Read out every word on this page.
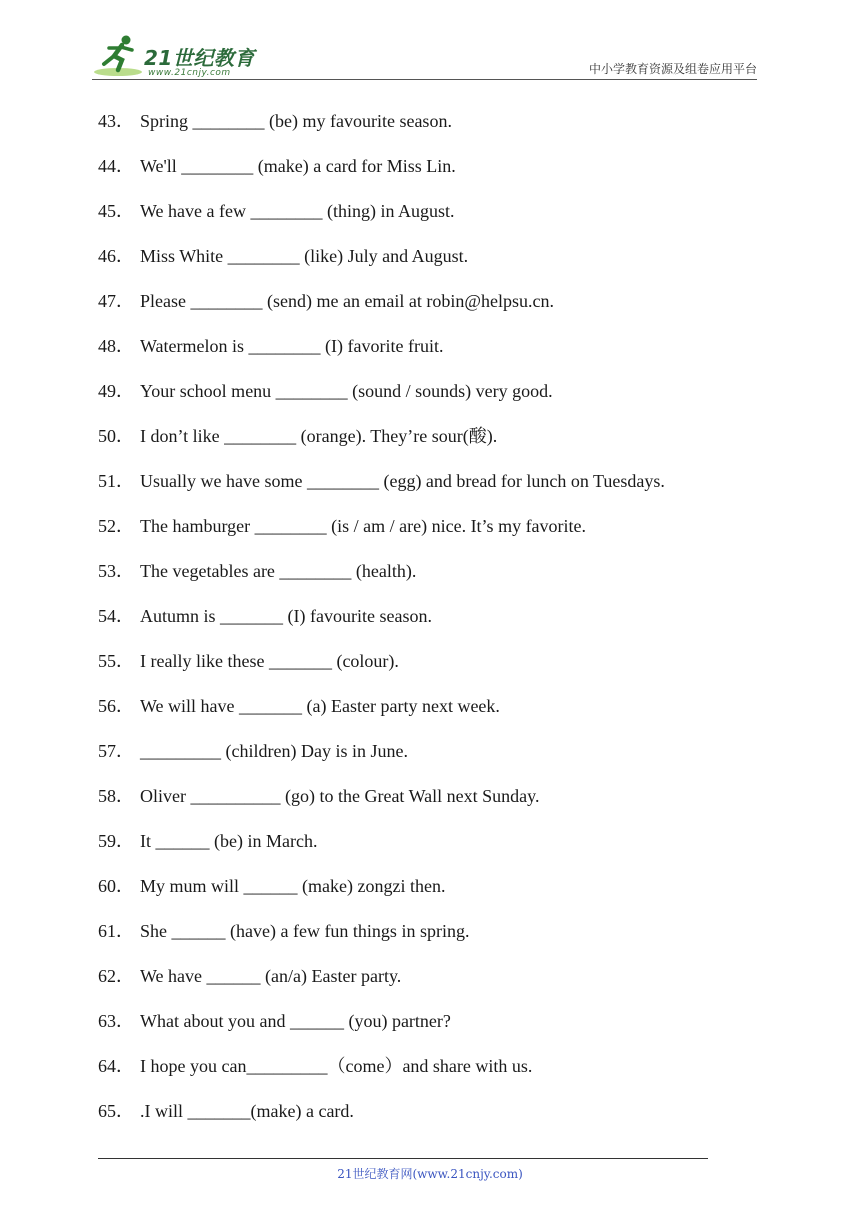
21世纪教育
www.21cnjy.com	中小学教育资源及组卷应用平台
43． Spring ________ (be) my favourite season.
44． We'll ________ (make) a card for Miss Lin.
45． We have a few ________ (thing) in August.
46． Miss White ________ (like) July and August.
47． Please ________ (send) me an email at robin@helpsu.cn.
48． Watermelon is ________ (I) favorite fruit.
49． Your school menu ________ (sound / sounds) very good.
50． I don’t like ________ (orange). They’re sour(酸).
51． Usually we have some ________ (egg) and bread for lunch on Tuesdays.
52． The hamburger ________ (is / am / are) nice. It’s my favorite.
53． The vegetables are ________ (health).
54． Autumn is _______ (I) favourite season.
55． I really like these _______ (colour).
56． We will have _______ (a) Easter party next week.
57． _________ (children) Day is in June.
58． Oliver __________ (go) to the Great Wall next Sunday.
59． It ______ (be) in March.
60． My mum will ______ (make) zongzi then.
61． She ______ (have) a few fun things in spring.
62． We have ______ (an/a) Easter party.
63． What about you and ______ (you) partner?
64． I hope you can_________（come）and share with us.
65． .I will _______(make) a card.
21世纪教育网(www.21cnjy.com)
